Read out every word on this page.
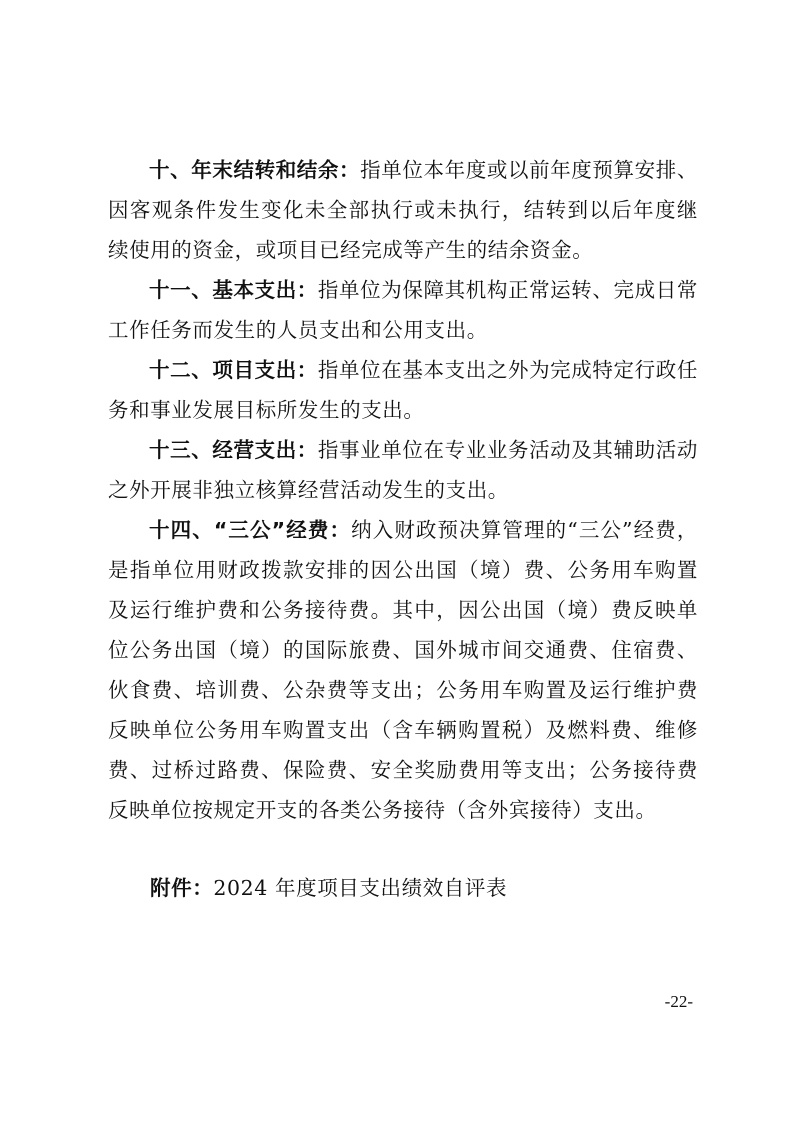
十、年末结转和结余：指单位本年度或以前年度预算安排、因客观条件发生变化未全部执行或未执行，结转到以后年度继续使用的资金，或项目已经完成等产生的结余资金。

十一、基本支出：指单位为保障其机构正常运转、完成日常工作任务而发生的人员支出和公用支出。

十二、项目支出：指单位在基本支出之外为完成特定行政任务和事业发展目标所发生的支出。

十三、经营支出：指事业单位在专业业务活动及其辅助活动之外开展非独立核算经营活动发生的支出。

十四、“三公”经费：纳入财政预决算管理的“三公”经费，是指单位用财政拨款安排的因公出国（境）费、公务用车购置及运行维护费和公务接待费。其中，因公出国（境）费反映单位公务出国（境）的国际旅费、国外城市间交通费、住宿费、伙食费、培训费、公杂费等支出；公务用车购置及运行维护费反映单位公务用车购置支出（含车辆购置税）及燃料费、维修费、过桥过路费、保险费、安全奖励费用等支出；公务接待费反映单位按规定开支的各类公务接待（含外宾接待）支出。

附件：2024 年度项目支出绩效自评表

-22-
